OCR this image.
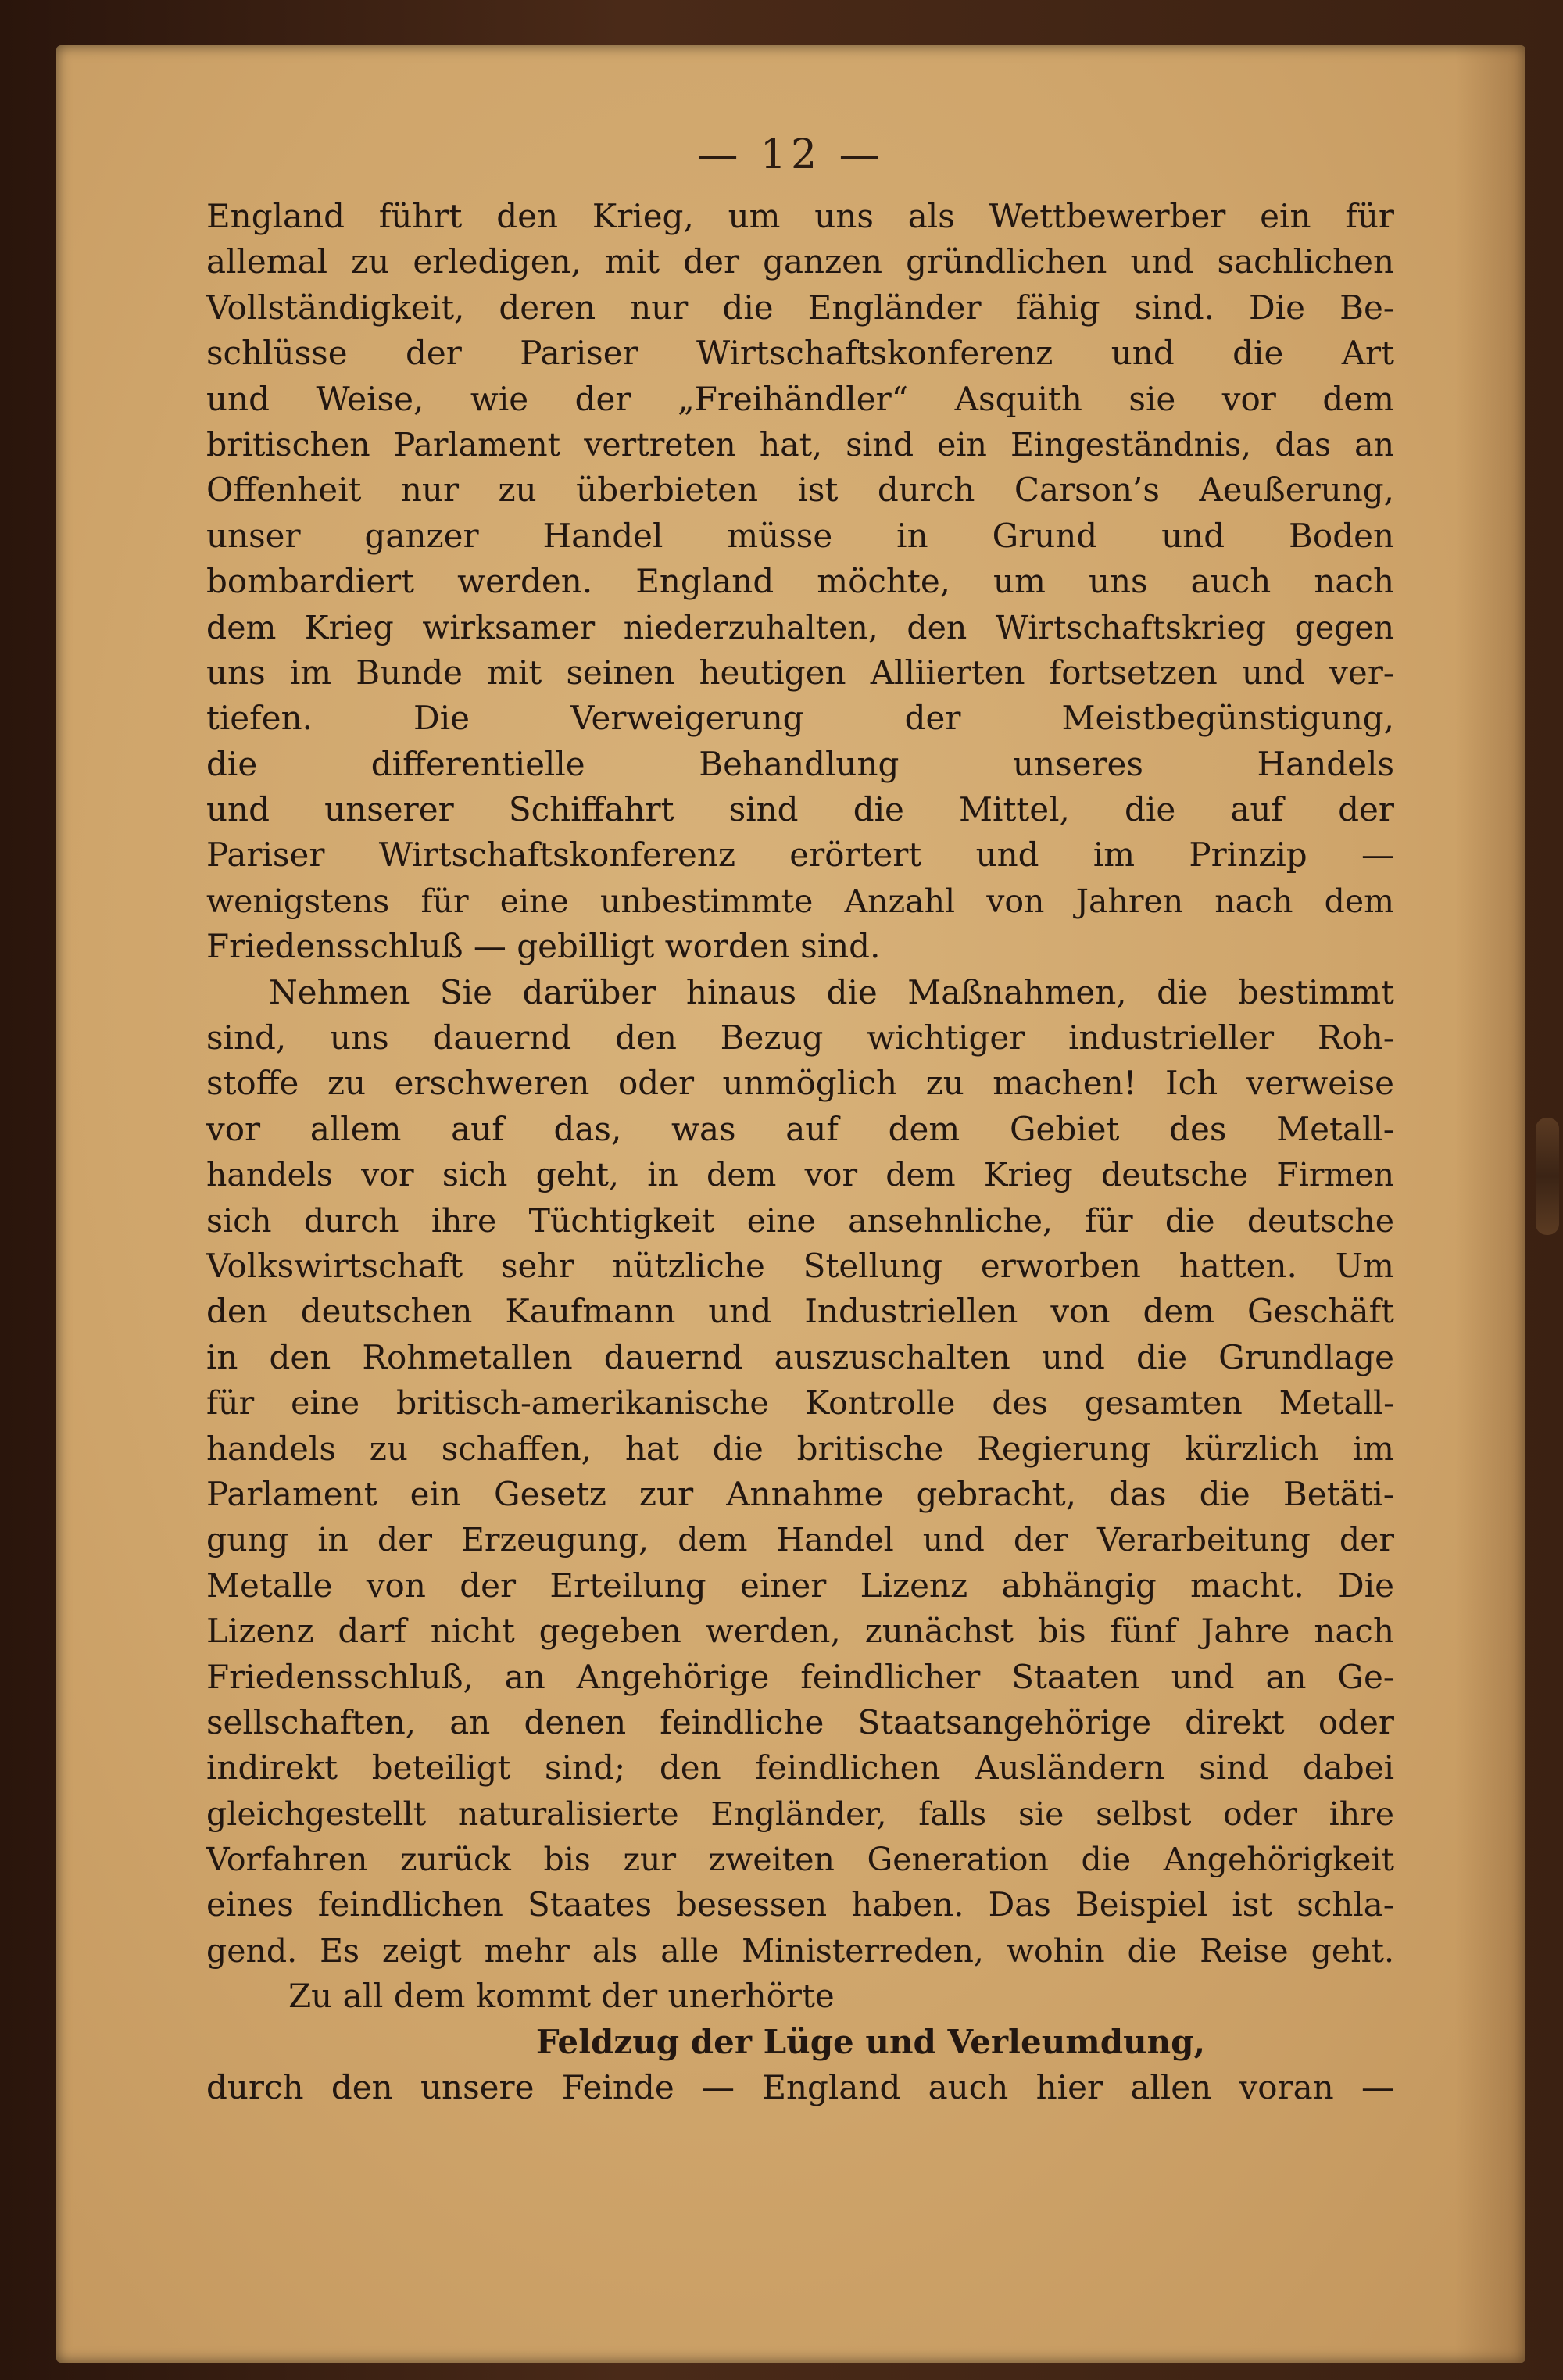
— 12 —
England führt den Krieg, um uns als Wettbewerber ein für
allemal zu erledigen, mit der ganzen gründlichen und sachlichen
Vollständigkeit, deren nur die Engländer fähig sind. Die Be-
schlüsse der Pariser Wirtschaftskonferenz und die Art
und Weise, wie der „Freihändler“ Asquith sie vor dem
britischen Parlament vertreten hat, sind ein Eingeständnis, das an
Offenheit nur zu überbieten ist durch Carson’s Aeußerung,
unser ganzer Handel müsse in Grund und Boden
bombardiert werden. England möchte, um uns auch nach
dem Krieg wirksamer niederzuhalten, den Wirtschaftskrieg gegen
uns im Bunde mit seinen heutigen Alliierten fortsetzen und ver-
tiefen. Die Verweigerung der Meistbegünstigung,
die differentielle Behandlung unseres Handels
und unserer Schiffahrt sind die Mittel, die auf der
Pariser Wirtschaftskonferenz erörtert und im Prinzip —
wenigstens für eine unbestimmte Anzahl von Jahren nach dem
Friedensschluß — gebilligt worden sind.
Nehmen Sie darüber hinaus die Maßnahmen, die bestimmt
sind, uns dauernd den Bezug wichtiger industrieller Roh-
stoffe zu erschweren oder unmöglich zu machen! Ich verweise
vor allem auf das, was auf dem Gebiet des Metall-
handels vor sich geht, in dem vor dem Krieg deutsche Firmen
sich durch ihre Tüchtigkeit eine ansehnliche, für die deutsche
Volkswirtschaft sehr nützliche Stellung erworben hatten. Um
den deutschen Kaufmann und Industriellen von dem Geschäft
in den Rohmetallen dauernd auszuschalten und die Grundlage
für eine britisch-amerikanische Kontrolle des gesamten Metall-
handels zu schaffen, hat die britische Regierung kürzlich im
Parlament ein Gesetz zur Annahme gebracht, das die Betäti-
gung in der Erzeugung, dem Handel und der Verarbeitung der
Metalle von der Erteilung einer Lizenz abhängig macht. Die
Lizenz darf nicht gegeben werden, zunächst bis fünf Jahre nach
Friedensschluß, an Angehörige feindlicher Staaten und an Ge-
sellschaften, an denen feindliche Staatsangehörige direkt oder
indirekt beteiligt sind; den feindlichen Ausländern sind dabei
gleichgestellt naturalisierte Engländer, falls sie selbst oder ihre
Vorfahren zurück bis zur zweiten Generation die Angehörigkeit
eines feindlichen Staates besessen haben. Das Beispiel ist schla-
gend. Es zeigt mehr als alle Ministerreden, wohin die Reise geht.
Zu all dem kommt der unerhörte
Feldzug der Lüge und Verleumdung,
durch den unsere Feinde — England auch hier allen voran —
